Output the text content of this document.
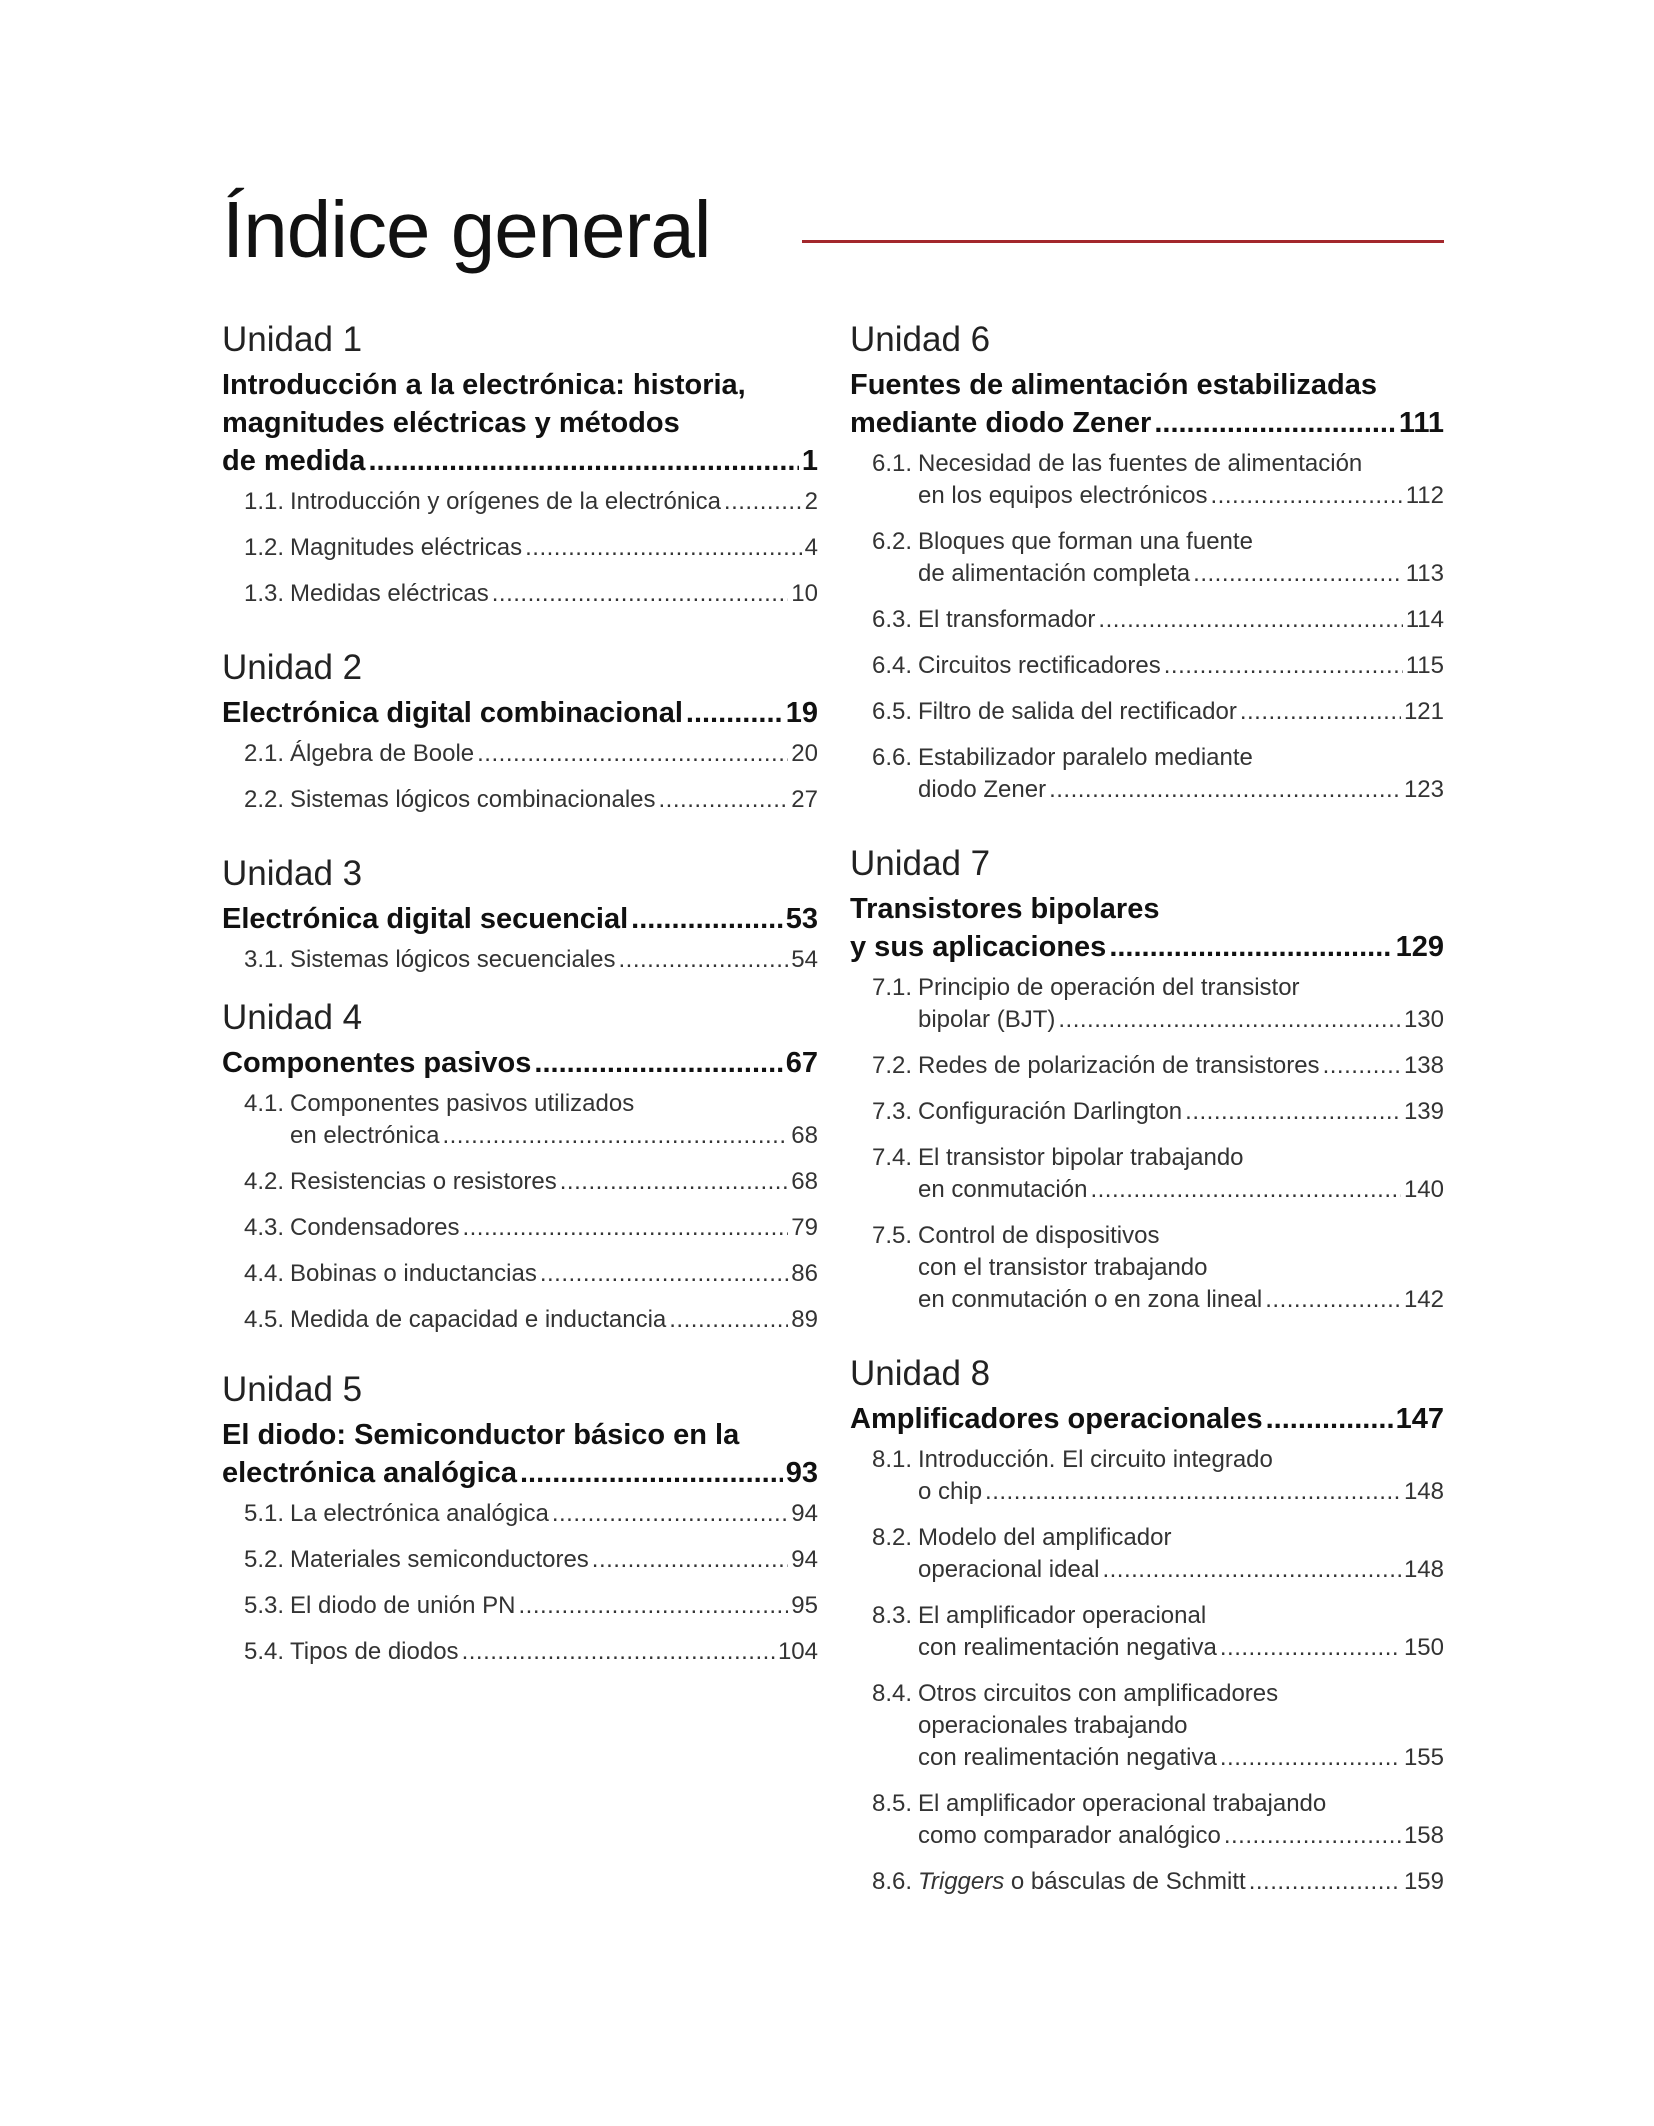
Índice general
Unidad 1
Introducción a la electrónica: historia,
magnitudes eléctricas y métodos
de medida .....	1
1.1. Introducción y orígenes de la electrónica .....	2
1.2. Magnitudes eléctricas .....	4
1.3. Medidas eléctricas .....	10
Unidad 2
Electrónica digital combinacional .....	19
2.1. Álgebra de Boole .....	20
2.2. Sistemas lógicos combinacionales .....	27
Unidad 3
Electrónica digital secuencial .....	53
3.1. Sistemas lógicos secuenciales .....	54
Unidad 4
Componentes pasivos .....	67
4.1. Componentes pasivos utilizados
en electrónica .....	68
4.2. Resistencias o resistores .....	68
4.3. Condensadores .....	79
4.4. Bobinas o inductancias .....	86
4.5. Medida de capacidad e inductancia .....	89
Unidad 5
El diodo: Semiconductor básico en la
electrónica analógica .....	93
5.1. La electrónica analógica .....	94
5.2. Materiales semiconductores .....	94
5.3. El diodo de unión PN .....	95
5.4. Tipos de diodos .....	104
Unidad 6
Fuentes de alimentación estabilizadas
mediante diodo Zener .....	111
6.1. Necesidad de las fuentes de alimentación
en los equipos electrónicos .....	112
6.2. Bloques que forman una fuente
de alimentación completa .....	113
6.3. El transformador .....	114
6.4. Circuitos rectificadores .....	115
6.5. Filtro de salida del rectificador .....	121
6.6. Estabilizador paralelo mediante
diodo Zener .....	123
Unidad 7
Transistores bipolares
y sus aplicaciones .....	129
7.1. Principio de operación del transistor
bipolar (BJT) .....	130
7.2. Redes de polarización de transistores .....	138
7.3. Configuración Darlington .....	139
7.4. El transistor bipolar trabajando
en conmutación .....	140
7.5. Control de dispositivos
con el transistor trabajando
en conmutación o en zona lineal .....	142
Unidad 8
Amplificadores operacionales .....	147
8.1. Introducción. El circuito integrado
o chip .....	148
8.2. Modelo del amplificador
operacional ideal .....	148
8.3. El amplificador operacional
con realimentación negativa .....	150
8.4. Otros circuitos con amplificadores
operacionales trabajando
con realimentación negativa .....	155
8.5. El amplificador operacional trabajando
como comparador analógico .....	158
8.6. Triggers o básculas de Schmitt .....	159
